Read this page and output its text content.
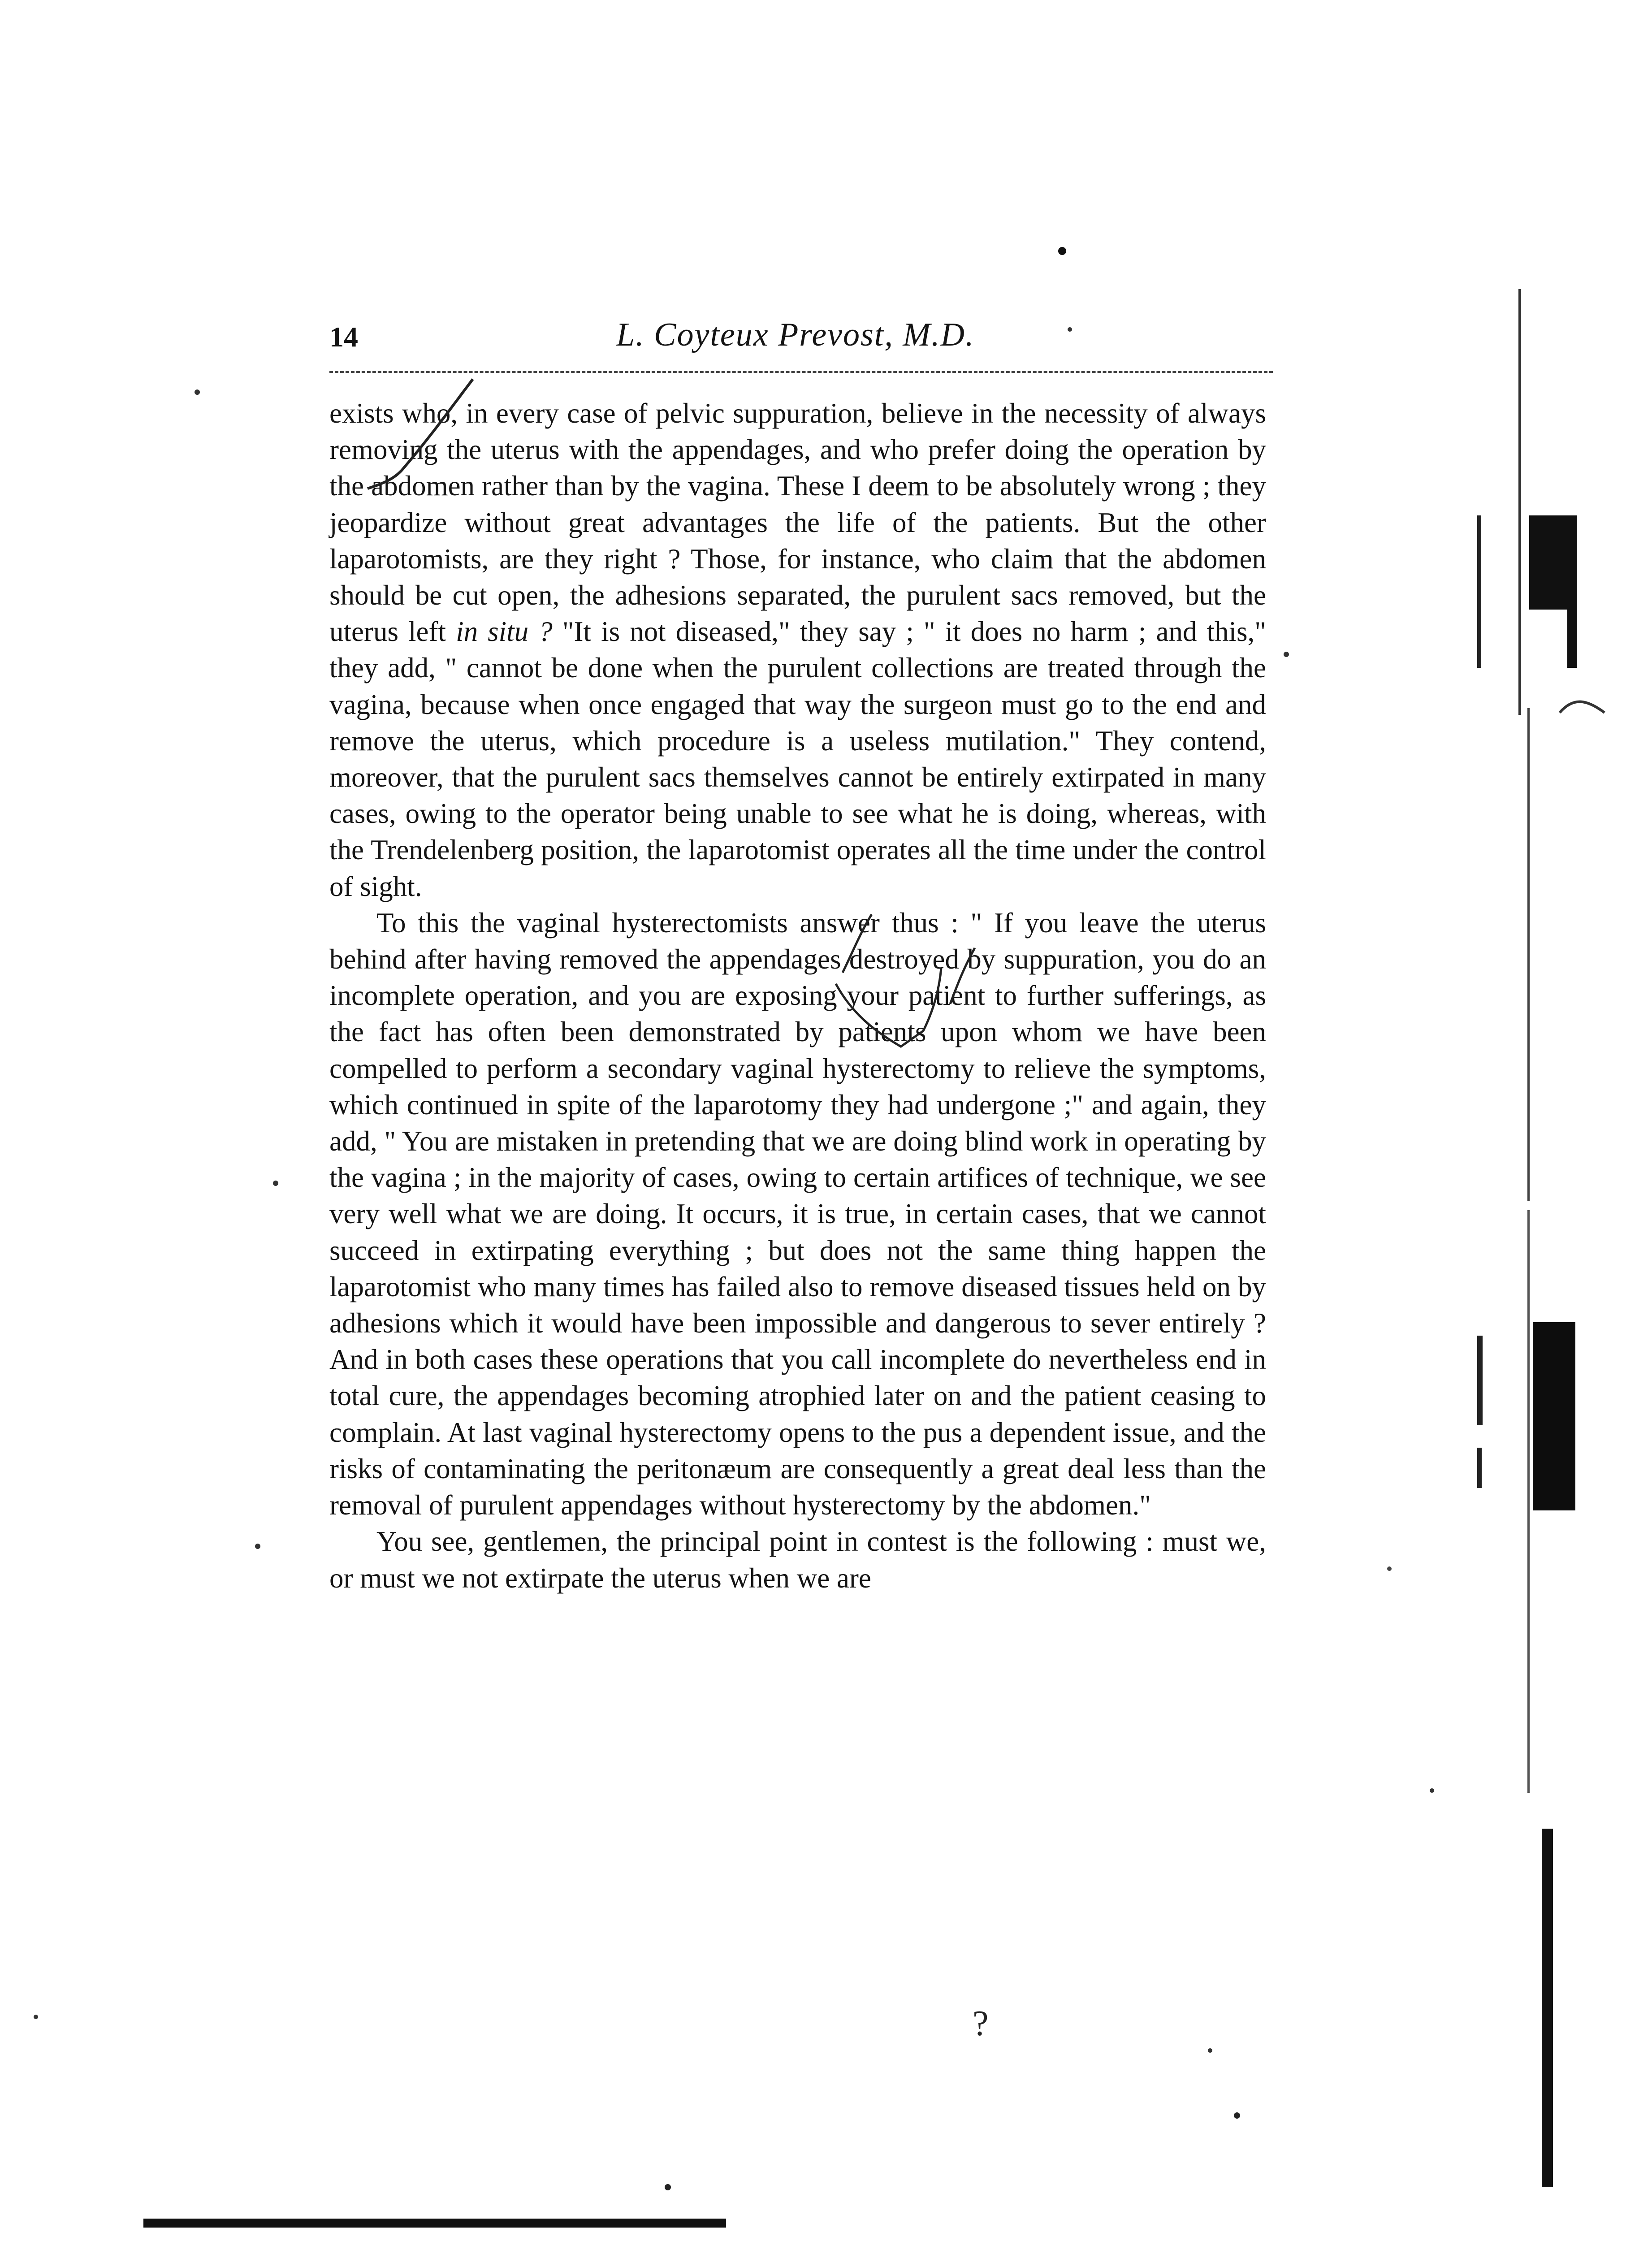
14	L. Coyteux Prevost, M.D.

exists who, in every case of pelvic suppuration, believe in the necessity of always removing the uterus with the appendages, and who prefer doing the operation by the abdomen rather than by the vagina. These I deem to be absolutely wrong ; they jeopardize without great advantages the life of the patients. But the other laparotomists, are they right ? Those, for instance, who claim that the abdomen should be cut open, the adhesions separated, the purulent sacs removed, but the uterus left in situ ? "It is not diseased," they say ; " it does no harm ; and this," they add, " cannot be done when the purulent collections are treated through the vagina, because when once engaged that way the surgeon must go to the end and remove the uterus, which procedure is a useless mutilation." They contend, moreover, that the purulent sacs themselves cannot be entirely extirpated in many cases, owing to the operator being unable to see what he is doing, whereas, with the Trendelenberg position, the laparotomist operates all the time under the control of sight.

To this the vaginal hysterectomists answer thus : " If you leave the uterus behind after having removed the appendages destroyed by suppuration, you do an incomplete operation, and you are exposing your patient to further sufferings, as the fact has often been demonstrated by patients upon whom we have been compelled to perform a secondary vaginal hysterectomy to relieve the symptoms, which continued in spite of the laparotomy they had undergone ;" and again, they add, " You are mistaken in pretending that we are doing blind work in operating by the vagina ; in the majority of cases, owing to certain artifices of technique, we see very well what we are doing. It occurs, it is true, in certain cases, that we cannot succeed in extirpating everything ; but does not the same thing happen the laparotomist who many times has failed also to remove diseased tissues held on by adhesions which it would have been impossible and dangerous to sever entirely ? And in both cases these operations that you call incomplete do nevertheless end in total cure, the appendages becoming atrophied later on and the patient ceasing to complain. At last vaginal hysterectomy opens to the pus a dependent issue, and the risks of contaminating the peritonæum are consequently a great deal less than the removal of purulent appendages without hysterectomy by the abdomen."

You see, gentlemen, the principal point in contest is the following : must we, or must we not extirpate the uterus when we are

?
